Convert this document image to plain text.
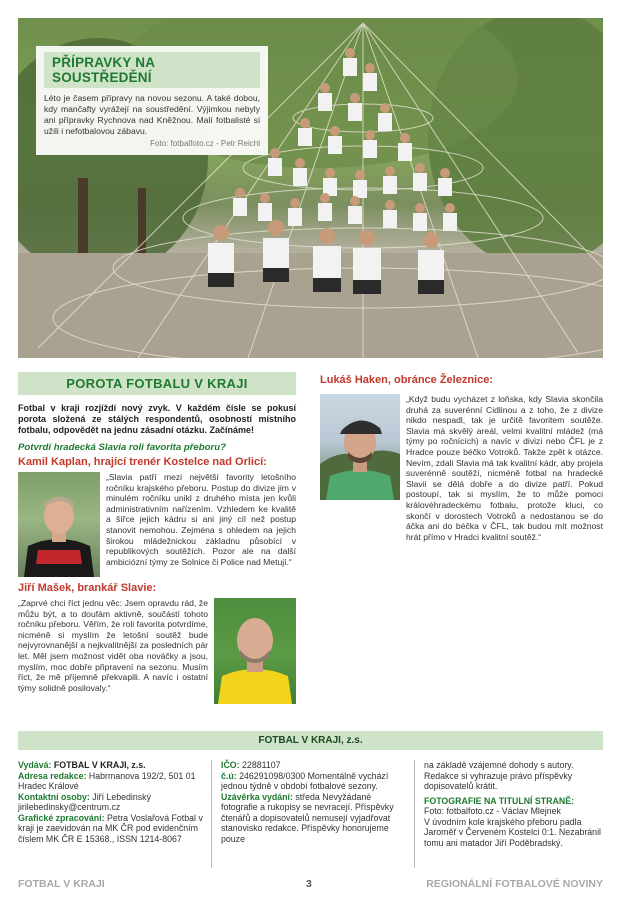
PŘÍPRAVKY NA SOUSTŘEDĚNÍ
Léto je časem přípravy na novou sezonu. A také dobou, kdy mančafty vyrážejí na soustředění. Výjimkou nebyly ani přípravky Rychnova nad Kněžnou. Malí fotbalisté si užili i nefotbalovou zábavu.
Foto: fotbalfoto.cz - Petr Reichl
POROTA FOTBALU V KRAJI
Fotbal v kraji rozjíždí nový zvyk. V každém čísle se pokusí porota složená ze stálých respondentů, osobností místního fotbalu, odpovědět na jednu zásadní otázku. Začínáme!
Potvrdí hradecká Slavia roli favorita přeboru?
Kamil Kaplan, hrající trenér Kostelce nad Orlicí:
„Slavia patří mezi největší favority letošního ročníku krajského přeboru. Postup do divize jim v minulém ročníku unikl z druhého místa jen kvůli administrativním nařízením. Vzhledem ke kvalitě a šířce jejich kádru si ani jiný cíl než postup stanovit nemohou. Zejména s ohledem na jejich širokou mládežnickou základnu působící v republikových soutěžích. Pozor ale na další ambiciózní týmy ze Solnice či Police nad Metují.“
Jiří Mašek, brankář Slavie:
„Zaprvé chci říct jednu věc: Jsem opravdu rád, že můžu být, a to doufám aktivně, součástí tohoto ročníku přeboru. Věřím, že roli favorita potvrdíme, nicméně si myslím že letošní soutěž bude nejvyrovnanější a nejkvalitnější za posledních pár let. Měl jsem možnost vidět oba nováčky a jsou, myslím, moc dobře připravení na sezonu. Musím říct, že mě příjemně překvapili. A navíc i ostatní týmy solidně posilovaly.“
Lukáš Haken, obránce Železnice:
„Když budu vycházet z loňska, kdy Slavia skončila druhá za suverénní Cidlinou a z toho, že z divize nikdo nespadl, tak je určitě favoritem soutěže. Slavia má skvělý areál, velmi kvalitní mládež (má týmy po ročnících) a navíc v divizi nebo ČFL je z Hradce pouze béčko Votroků. Takže zpět k otázce. Nevím, zdali Slavia má tak kvalitní kádr, aby projela suverénně soutěží, nicméně fotbal na hradecké Slavii se dělá dobře a do divize patří. Pokud postoupí, tak si myslím, že to může pomoci královéhradeckému fotbalu, protože kluci, co skončí v dorostech Votroků a nedostanou se do áčka ani do béčka v ČFL, tak budou mít možnost hrát přímo v Hradci kvalitní soutěž.“
FOTBAL V KRAJI, z.s.
Vydává: FOTBAL V KRAJI, z.s.
Adresa redakce: Habrmanova 192/2, 501 01 Hradec Králové
Kontaktní osoby: Jiří Lebedinský jirilebedinsky@centrum.cz
Grafické zpracování: Petra Voslařová Fotbal v kraji je zaevidován na MK ČR pod evidenčním číslem MK ČR E 15368., ISSN 1214-8067
IČO: 22881107
č.ú: 246291098/0300 Momentálně vychází jednou týdně v období fotbalové sezony.
Uzávěrka vydání: středa Nevyžádané fotografie a rukopisy se nevracejí. Příspěvky čtenářů a dopisovatelů nemusejí vyjadřovat stanovisko redakce. Příspěvky honorujeme pouze
na základě vzájemné dohody s autory. Redakce si vyhrazuje právo příspěvky dopisovatelů krátit.
FOTOGRAFIE NA TITULNÍ STRANĚ:
Foto: fotbalfoto.cz - Václav Mlejnek
V úvodním kole krajského přeboru padla Jaroměř v Červeném Kostelci 0:1. Nezabránil tomu ani matador Jiří Poděbradský.
FOTBAL V KRAJI	3	REGIONÁLNÍ FOTBALOVÉ NOVINY
